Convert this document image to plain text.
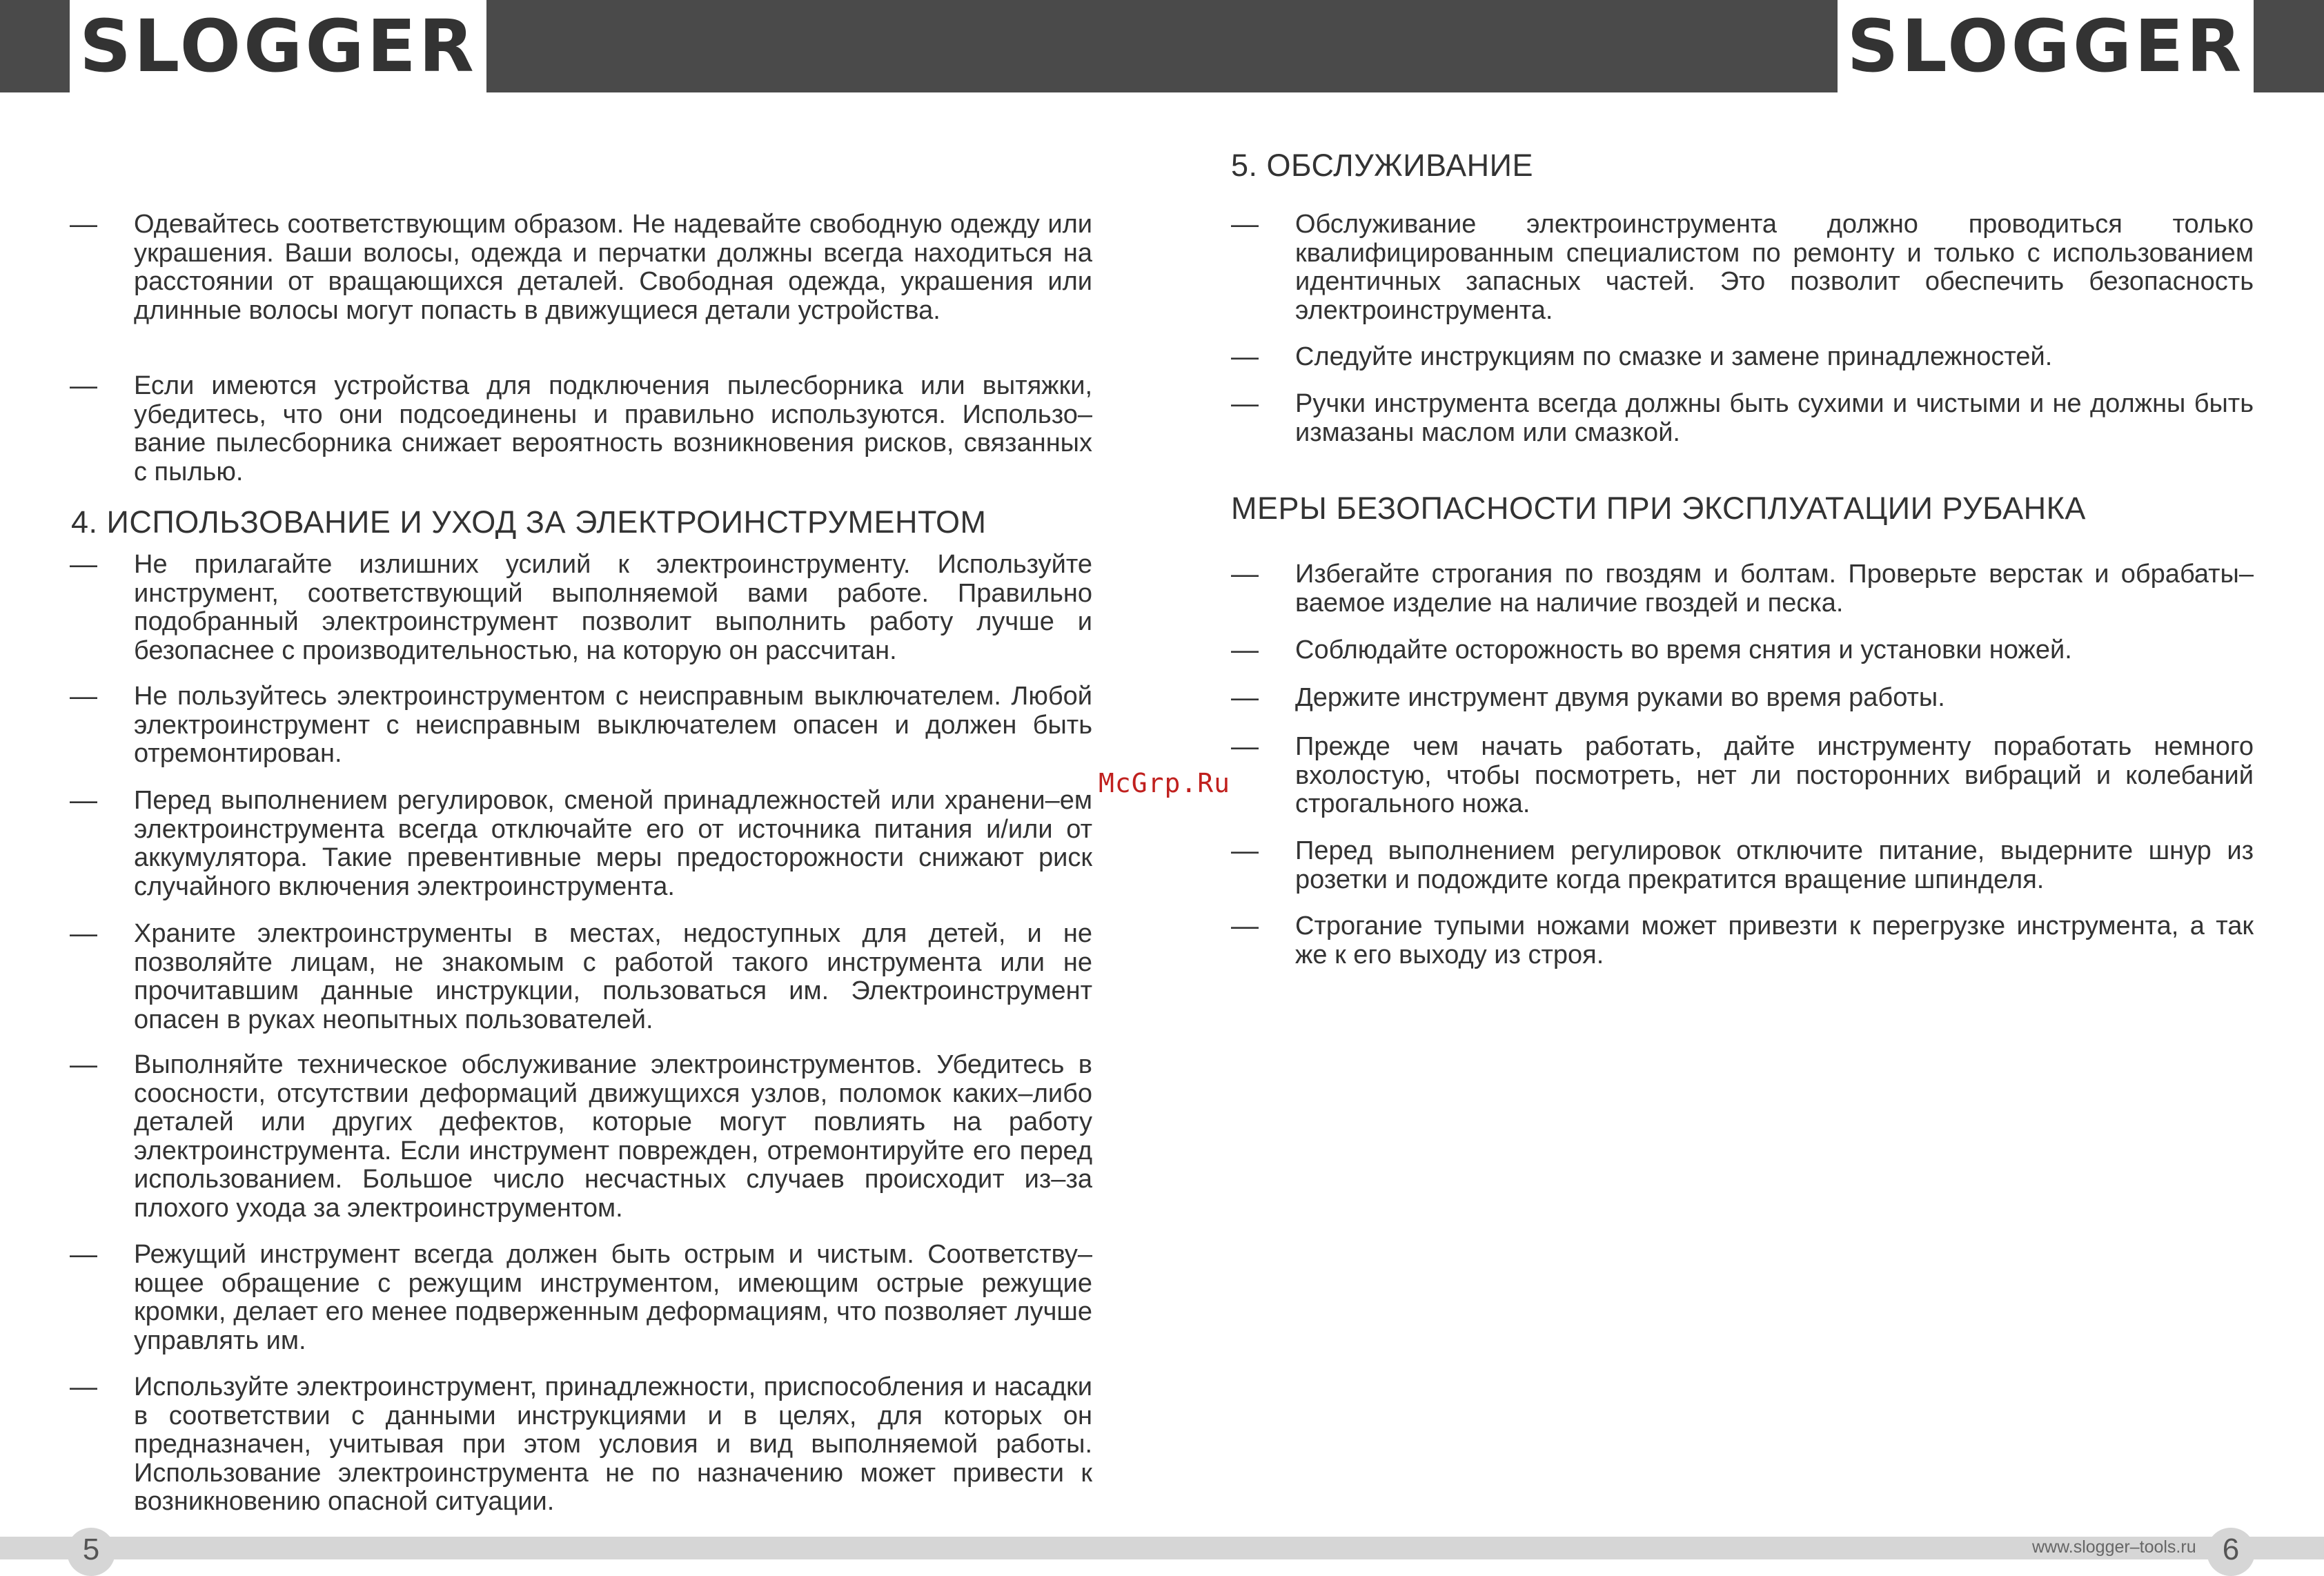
SLOGGER	SLOGGER
— Одевайтесь соответствующим образом. Не надевайте свободную одежду или украшения. Ваши волосы, одежда и перчатки должны всегда находиться на расстоянии от вращающихся деталей. Свободная одежда, украшения или длинные волосы могут попасть в движущиеся детали устройства.
— Если имеются устройства для подключения пылесборника или вытяжки, убедитесь, что они подсоединены и правильно используются. Использо–вание пылесборника снижает вероятность возникновения рисков, связанных с пылью.
4. ИСПОЛЬЗОВАНИЕ И УХОД ЗА ЭЛЕКТРОИНСТРУМЕНТОМ
— Не прилагайте излишних усилий к электроинструменту. Используйте инструмент, соответствующий выполняемой вами работе. Правильно подобранный электроинструмент позволит выполнить работу лучше и безопаснее с производительностью, на которую он рассчитан.
— Не пользуйтесь электроинструментом с неисправным выключателем. Любой электроинструмент с неисправным выключателем опасен и должен быть отремонтирован.
— Перед выполнением регулировок, сменой принадлежностей или хранени–ем электроинструмента всегда отключайте его от источника питания и/или от аккумулятора. Такие превентивные меры предосторожности снижают риск случайного включения электроинструмента.
— Храните электроинструменты в местах, недоступных для детей, и не позволяйте лицам, не знакомым с работой такого инструмента или не прочитавшим данные инструкции, пользоваться им. Электроинструмент опасен в руках неопытных пользователей.
— Выполняйте техническое обслуживание электроинструментов. Убедитесь в соосности, отсутствии деформаций движущихся узлов, поломок каких–либо деталей или других дефектов, которые могут повлиять на работу электроинструмента. Если инструмент поврежден, отремонтируйте его перед использованием. Большое число несчастных случаев происходит из–за плохого ухода за электроинструментом.
— Режущий инструмент всегда должен быть острым и чистым. Соответству–ющее обращение с режущим инструментом, имеющим острые режущие кромки, делает его менее подверженным деформациям, что позволяет лучше управлять им.
— Используйте электроинструмент, принадлежности, приспособления и насадки в соответствии с данными инструкциями и в целях, для которых он предназначен, учитывая при этом условия и вид выполняемой работы. Использование электроинструмента не по назначению может привести к возникновению опасной ситуации.
5. ОБСЛУЖИВАНИЕ
— Обслуживание электроинструмента должно проводиться только квалифицированным специалистом по ремонту и только с использованием идентичных запасных частей. Это позволит обеспечить безопасность электроинструмента.
— Следуйте инструкциям по смазке и замене принадлежностей.
— Ручки инструмента всегда должны быть сухими и чистыми и не должны быть измазаны маслом или смазкой.
МЕРЫ БЕЗОПАСНОСТИ ПРИ ЭКСПЛУАТАЦИИ РУБАНКА
— Избегайте строгания по гвоздям и болтам. Проверьте верстак и обрабаты–ваемое изделие на наличие гвоздей и песка.
— Соблюдайте осторожность во время снятия и установки ножей.
— Держите инструмент двумя руками во время работы.
— Прежде чем начать работать, дайте инструменту поработать немного вхолостую, чтобы посмотреть, нет ли посторонних вибраций и колебаний строгального ножа.
— Перед выполнением регулировок отключите питание, выдерните шнур из розетки и подождите когда прекратится вращение шпинделя.
— Строгание тупыми ножами может привезти к перегрузке инструмента, а так же к его выходу из строя.
McGrp.Ru
5	www.slogger–tools.ru 6
